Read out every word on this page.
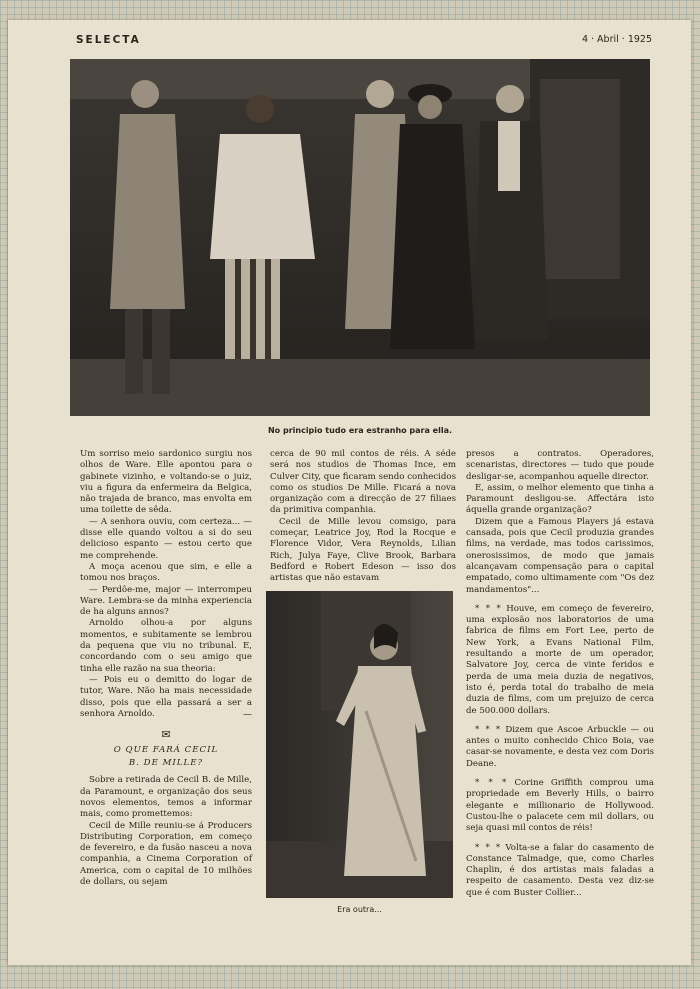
SELECTA	4 · Abril · 1925
No principio tudo era estranho para ella.

Um sorriso meio sardonico surgiu nos olhos de Ware. Elle apontou para o gabinete vizinho, e voltando-se o juiz, viu a figura da enfermeira da Belgica, não trajada de branco, mas envolta em uma toilette de sêda.

— A senhora ouviu, com certeza... — disse elle quando voltou a si do seu delicioso espanto — estou certo que me comprehende.

A moça acenou que sim, e elle a tomou nos braços.

— Perdôe-me, major — interrompeu Ware. Lembra-se da minha experiencia de ha alguns annos?

Arnoldo olhou-a por alguns momentos, e subitamente se lembrou da pequena que viu no tribunal. E, concordando com o seu amigo que tinha elle razão na sua theoria:

— Pois eu o demitto do logar de tutor, Ware. Não ha mais necessidade disso, pois que ella passará a ser a senhora Arnoldo.	—
✉
O QUE FARÁ CECIL
B. DE MILLE?

Sobre a retirada de Cecil B. de Mille, da Paramount, e organização dos seus novos elementos, temos a informar mais, como promettemos:

Cecil de Mille reuniu-se á Producers Distributing Corporation, em começo de fevereiro, e da fusão nasceu a nova companhia, a Cinema Corporation of America, com o capital de 10 milhões de dollars, ou sejam

cerca de 90 mil contos de réis. A séde será nos studios de Thomas Ince, em Culver City, que ficaram sendo conhecidos como os studios De Mille. Ficará a nova organização com a direcção de 27 filiaes da primitiva companhia.

Cecil de Mille levou comsigo, para começar, Leatrice Joy, Rod la Rocque e Florence Vidor, Vera Reynolds, Lilian Rich, Julya Faye, Clive Brook, Barbara Bedford e Robert Edeson — isso dos artistas que não estavam

Era outra...

presos a contratos. Operadores, scenaristas, directores — tudo que poude desligar-se, acompanhou aquelle director.

E, assim, o melhor elemento que tinha a Paramount desligou-se. Affectára isto áquella grande organização?

Dizem que a Famous Players já estava cansada, pois que Cecil produzia grandes films, na verdade, mas todos carissimos, onerosissimos, de modo que jamais alcançavam compensação para o capital empatado, como ultimamente com "Os dez mandamentos"...

* * * Houve, em começo de fevereiro, uma explosão nos laboratorios de uma fabrica de films em Fort Lee, perto de New York, a Evans National Film, resultando a morte de um operador, Salvatore Joy, cerca de vinte feridos e perda de uma meia duzia de negativos, isto é, perda total do trabalho de meia duzia de films, com um prejuizo de cerca de 500.000 dollars.

* * * Dizem que Ascoe Arbuckle — ou antes o muito conhecido Chico Boia, vae casar-se novamente, e desta vez com Doris Deane.

* * * Corine Griffith comprou uma propriedade em Beverly Hills, o bairro elegante e millionario de Hollywood. Custou-lhe o palacete cem mil dollars, ou seja quasi mil contos de réis!

* * * Volta-se a falar do casamento de Constance Talmadge, que, como Charles Chaplin, é dos artistas mais faladas a respeito de casamento. Desta vez diz-se que é com Buster Collier...
